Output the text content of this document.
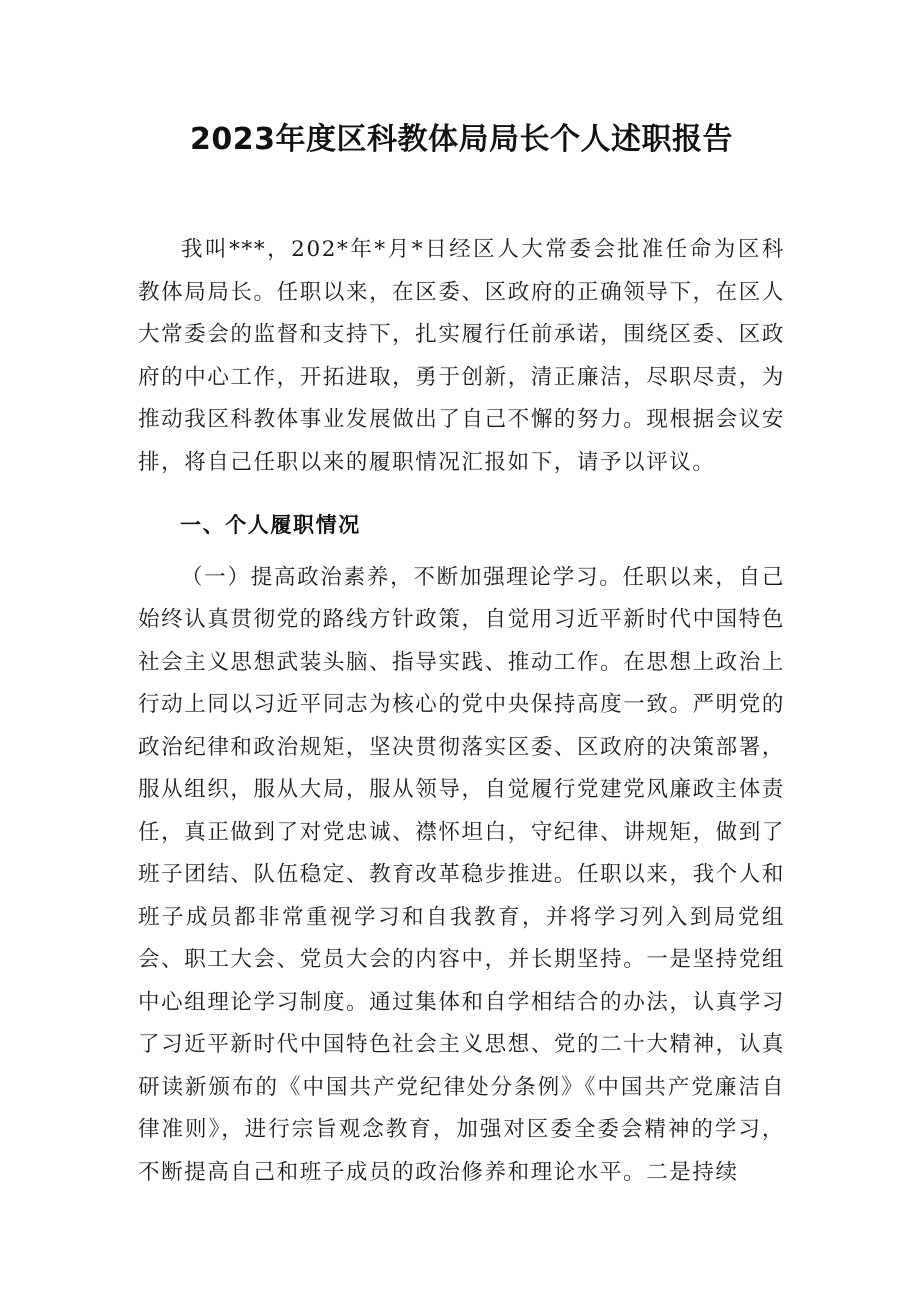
2023年度区科教体局局长个人述职报告

我叫***，202*年*月*日经区人大常委会批准任命为区科教体局局长。任职以来，在区委、区政府的正确领导下，在区人大常委会的监督和支持下，扎实履行任前承诺，围绕区委、区政府的中心工作，开拓进取，勇于创新，清正廉洁，尽职尽责，为推动我区科教体事业发展做出了自己不懈的努力。现根据会议安排，将自己任职以来的履职情况汇报如下，请予以评议。

一、个人履职情况

（一）提高政治素养，不断加强理论学习。任职以来，自己始终认真贯彻党的路线方针政策，自觉用习近平新时代中国特色社会主义思想武装头脑、指导实践、推动工作。在思想上政治上行动上同以习近平同志为核心的党中央保持高度一致。严明党的政治纪律和政治规矩，坚决贯彻落实区委、区政府的决策部署，服从组织，服从大局，服从领导，自觉履行党建党风廉政主体责任，真正做到了对党忠诚、襟怀坦白，守纪律、讲规矩，做到了班子团结、队伍稳定、教育改革稳步推进。任职以来，我个人和班子成员都非常重视学习和自我教育，并将学习列入到局党组会、职工大会、党员大会的内容中，并长期坚持。一是坚持党组中心组理论学习制度。通过集体和自学相结合的办法，认真学习了习近平新时代中国特色社会主义思想、党的二十大精神，认真研读新颁布的《中国共产党纪律处分条例》《中国共产党廉洁自律准则》，进行宗旨观念教育，加强对区委全委会精神的学习，不断提高自己和班子成员的政治修养和理论水平。二是持续
